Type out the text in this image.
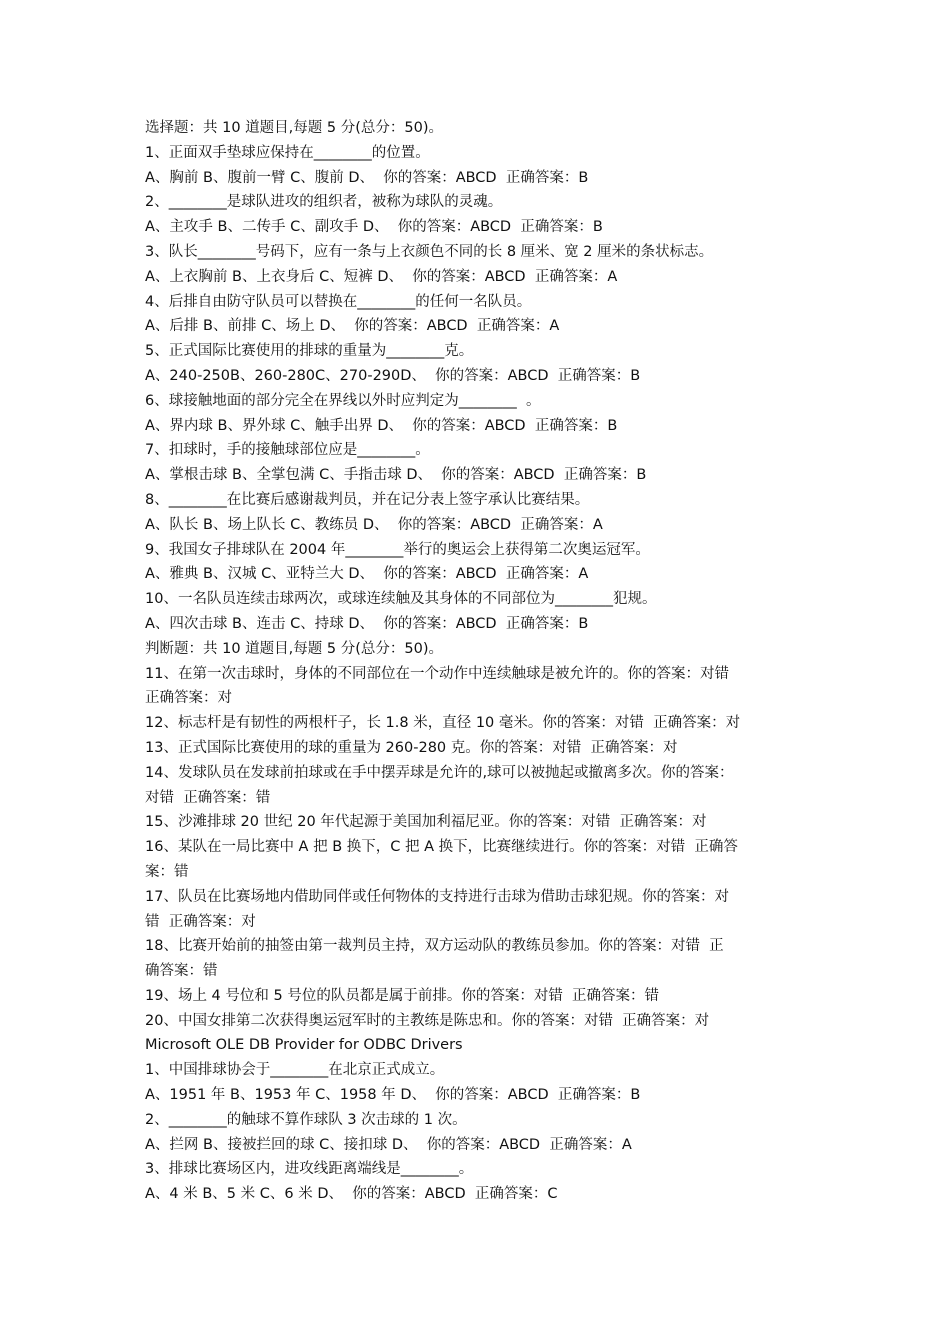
选择题：共 10 道题目,每题 5 分(总分：50)。

1、正面双手垫球应保持在________的位置。

A、胸前 B、腹前一臂 C、腹前 D、  你的答案：ABCD  正确答案：B

2、________是球队进攻的组织者，被称为球队的灵魂。

A、主攻手 B、二传手 C、副攻手 D、  你的答案：ABCD  正确答案：B

3、队长________号码下，应有一条与上衣颜色不同的长 8 厘米、宽 2 厘米的条状标志。

A、上衣胸前 B、上衣身后 C、短裤 D、  你的答案：ABCD  正确答案：A

4、后排自由防守队员可以替换在________的任何一名队员。

A、后排 B、前排 C、场上 D、  你的答案：ABCD  正确答案：A

5、正式国际比赛使用的排球的重量为________克。

A、240-250B、260-280C、270-290D、  你的答案：ABCD  正确答案：B

6、球接触地面的部分完全在界线以外时应判定为________  。

A、界内球 B、界外球 C、触手出界 D、  你的答案：ABCD  正确答案：B

7、扣球时，手的接触球部位应是________。

A、掌根击球 B、全掌包满 C、手指击球 D、  你的答案：ABCD  正确答案：B

8、________在比赛后感谢裁判员，并在记分表上签字承认比赛结果。

A、队长 B、场上队长 C、教练员 D、  你的答案：ABCD  正确答案：A

9、我国女子排球队在 2004 年________举行的奥运会上获得第二次奥运冠军。

A、雅典 B、汉城 C、亚特兰大 D、  你的答案：ABCD  正确答案：A

10、一名队员连续击球两次，或球连续触及其身体的不同部位为________犯规。

A、四次击球 B、连击 C、持球 D、  你的答案：ABCD  正确答案：B

判断题：共 10 道题目,每题 5 分(总分：50)。

11、在第一次击球时，身体的不同部位在一个动作中连续触球是被允许的。你的答案：对错

正确答案：对

12、标志杆是有韧性的两根杆子，长 1.8 米，直径 10 毫米。你的答案：对错  正确答案：对

13、正式国际比赛使用的球的重量为 260-280 克。你的答案：对错  正确答案：对

14、发球队员在发球前拍球或在手中摆弄球是允许的,球可以被抛起或撤离多次。你的答案：

对错  正确答案：错

15、沙滩排球 20 世纪 20 年代起源于美国加利福尼亚。你的答案：对错  正确答案：对

16、某队在一局比赛中 A 把 B 换下，C 把 A 换下，比赛继续进行。你的答案：对错  正确答

案：错

17、队员在比赛场地内借助同伴或任何物体的支持进行击球为借助击球犯规。你的答案：对

错  正确答案：对

18、比赛开始前的抽签由第一裁判员主持，双方运动队的教练员参加。你的答案：对错  正

确答案：错

19、场上 4 号位和 5 号位的队员都是属于前排。你的答案：对错  正确答案：错

20、中国女排第二次获得奥运冠军时的主教练是陈忠和。你的答案：对错  正确答案：对

Microsoft OLE DB Provider for ODBC Drivers

1、中国排球协会于________在北京正式成立。

A、1951 年 B、1953 年 C、1958 年 D、  你的答案：ABCD  正确答案：B

2、________的触球不算作球队 3 次击球的 1 次。

A、拦网 B、接被拦回的球 C、接扣球 D、  你的答案：ABCD  正确答案：A

3、排球比赛场区内，进攻线距离端线是________。

A、4 米 B、5 米 C、6 米 D、  你的答案：ABCD  正确答案：C
